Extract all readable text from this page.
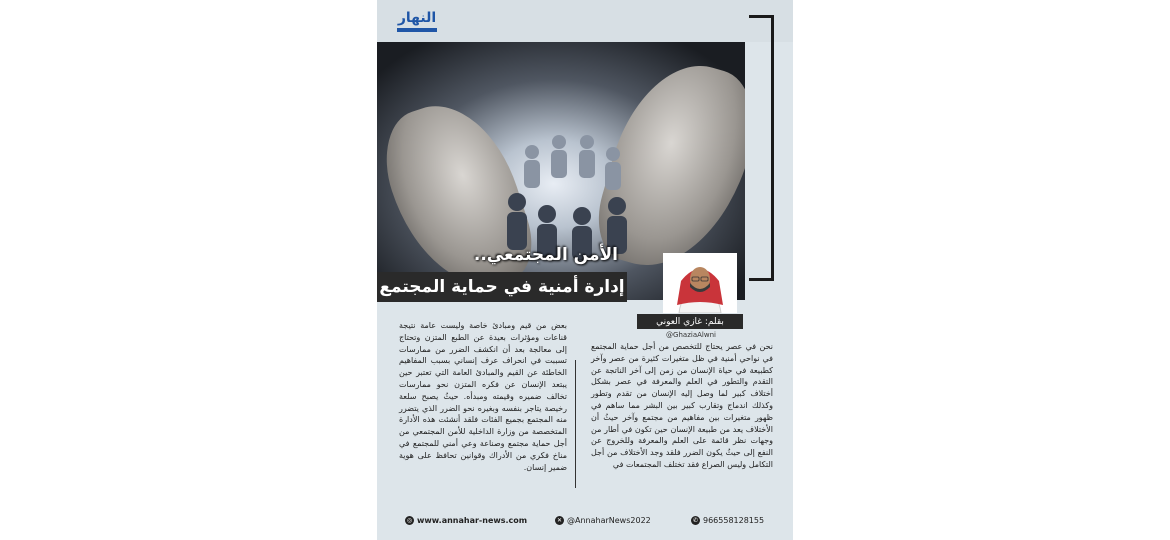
النهار
الأمن المجتمعي..
إدارة أمنية في حماية المجتمع
بقلم: غازي العوني
@GhaziaAlwni
نحن في عصر يحتاج للتخصص من أجل حماية المجتمع في نواحي أمنية في ظل متغيرات كثيرة من عصر وآخر كطبيعة في حياة الإنسان من زمن إلى آخر الناتجة عن التقدم والتطور في العلم والمعرفة في عصر بشكل أختلاف كبير لما وصل إليه الإنسان من تقدم وتطور وكذلك اندماج وتقارب كبير بين البشر مما ساهم في ظهور متغيرات بين مفاهيم من مجتمع وآخر حيثُ أن الأختلاف يعد من طبيعة الإنسان حين تكون في أطار من وجهات نظر قائمة على العلم والمعرفة وللخروج عن النفع إلى حيثُ يكون الضرر فلقد وجد الأختلاف من أجل التكامل وليس الصراع فقد تختلف المجتمعات في
بعض من قيم ومبادئ خاصة وليست عامة نتيجة قناعات ومؤثرات بعيدة عن الطبع المتزن وتحتاج إلى معالجة بعد أن انكشف الضرر من ممارسات تسببت في انحراف عرف إنساني بسبب المفاهيم الخاطئة عن القيم والمبادئ العامة التي تعتبر حين يبتعد الإنسان عن فكره المتزن نحو ممارسات تخالف ضميره وقيمته ومبدأه. حيثُ يصبح سلعة رخيصة يتاجر بنفسه وبغيره نحو الضرر الذي يتضرر منه المجتمع بجميع الفئات فلقد أنشئت هذه الأدارة المتخصصة من وزارة الداخلية للأمن المجتمعي من أجل حماية مجتمع وصناعة وعي أمني للمجتمع في مناخ فكري من الأدراك وقوانين تحافظ على هوية ضمير إنسان.
◎ www.annahar-news.com	✕ @AnnaharNews2022	✆ 966558128155
